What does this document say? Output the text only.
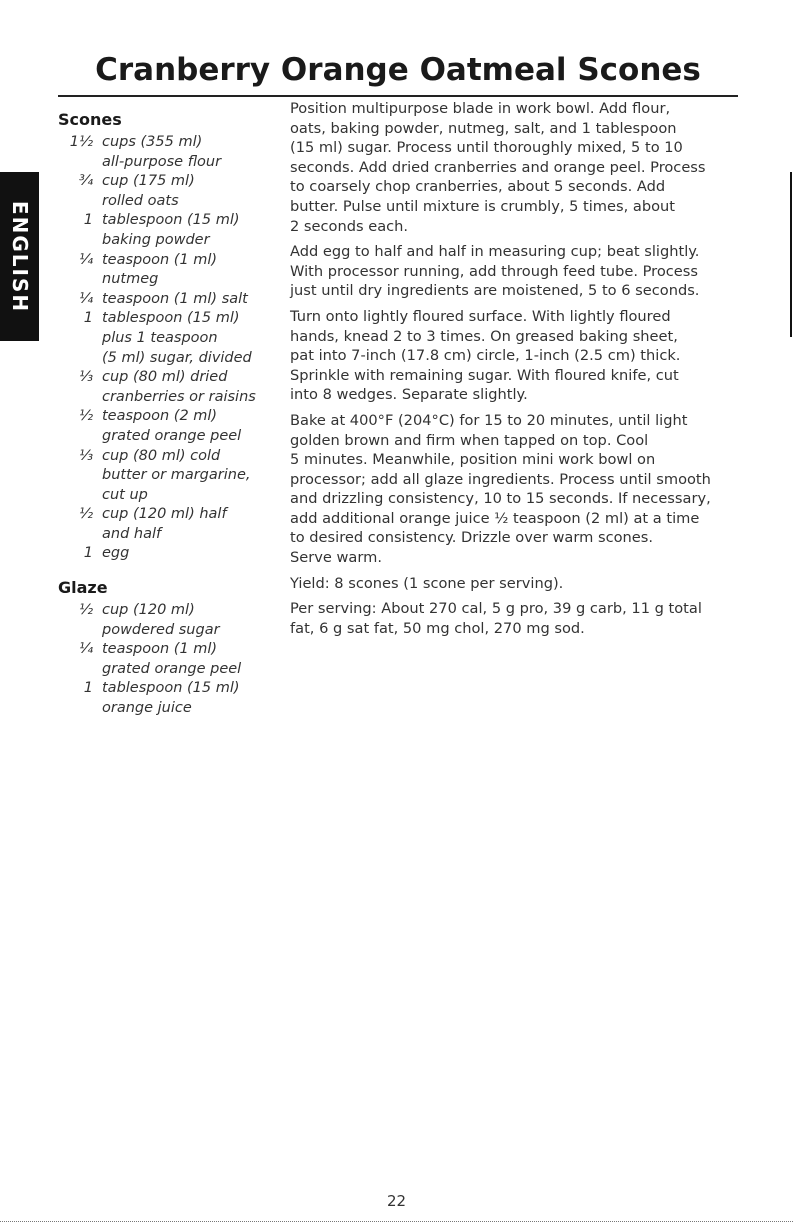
ENGLISH
Cranberry Orange Oatmeal Scones
Scones
1½ cups (355 ml)
all-purpose flour
¾ cup (175 ml)
rolled oats
1 tablespoon (15 ml)
baking powder
¼ teaspoon (1 ml)
nutmeg
¼ teaspoon (1 ml) salt
1 tablespoon (15 ml)
plus 1 teaspoon
(5 ml) sugar, divided
⅓ cup (80 ml) dried
cranberries or raisins
½ teaspoon (2 ml)
grated orange peel
⅓ cup (80 ml) cold
butter or margarine,
cut up
½ cup (120 ml) half
and half
1 egg
Glaze
½ cup (120 ml)
powdered sugar
¼ teaspoon (1 ml)
grated orange peel
1 tablespoon (15 ml)
orange juice

Position multipurpose blade in work bowl. Add flour,
oats, baking powder, nutmeg, salt, and 1 tablespoon
(15 ml) sugar. Process until thoroughly mixed, 5 to 10
seconds. Add dried cranberries and orange peel. Process
to coarsely chop cranberries, about 5 seconds. Add
butter. Pulse until mixture is crumbly, 5 times, about
2 seconds each.

Add egg to half and half in measuring cup; beat slightly.
With processor running, add through feed tube. Process
just until dry ingredients are moistened, 5 to 6 seconds.

Turn onto lightly floured surface. With lightly floured
hands, knead 2 to 3 times. On greased baking sheet,
pat into 7-inch (17.8 cm) circle, 1-inch (2.5 cm) thick.
Sprinkle with remaining sugar. With floured knife, cut
into 8 wedges. Separate slightly.

Bake at 400°F (204°C) for 15 to 20 minutes, until light
golden brown and firm when tapped on top. Cool
5 minutes. Meanwhile, position mini work bowl on
processor; add all glaze ingredients. Process until smooth
and drizzling consistency, 10 to 15 seconds. If necessary,
add additional orange juice ½ teaspoon (2 ml) at a time
to desired consistency. Drizzle over warm scones.
Serve warm.

Yield: 8 scones (1 scone per serving).

Per serving: About 270 cal, 5 g pro, 39 g carb, 11 g total
fat, 6 g sat fat, 50 mg chol, 270 mg sod.

22
